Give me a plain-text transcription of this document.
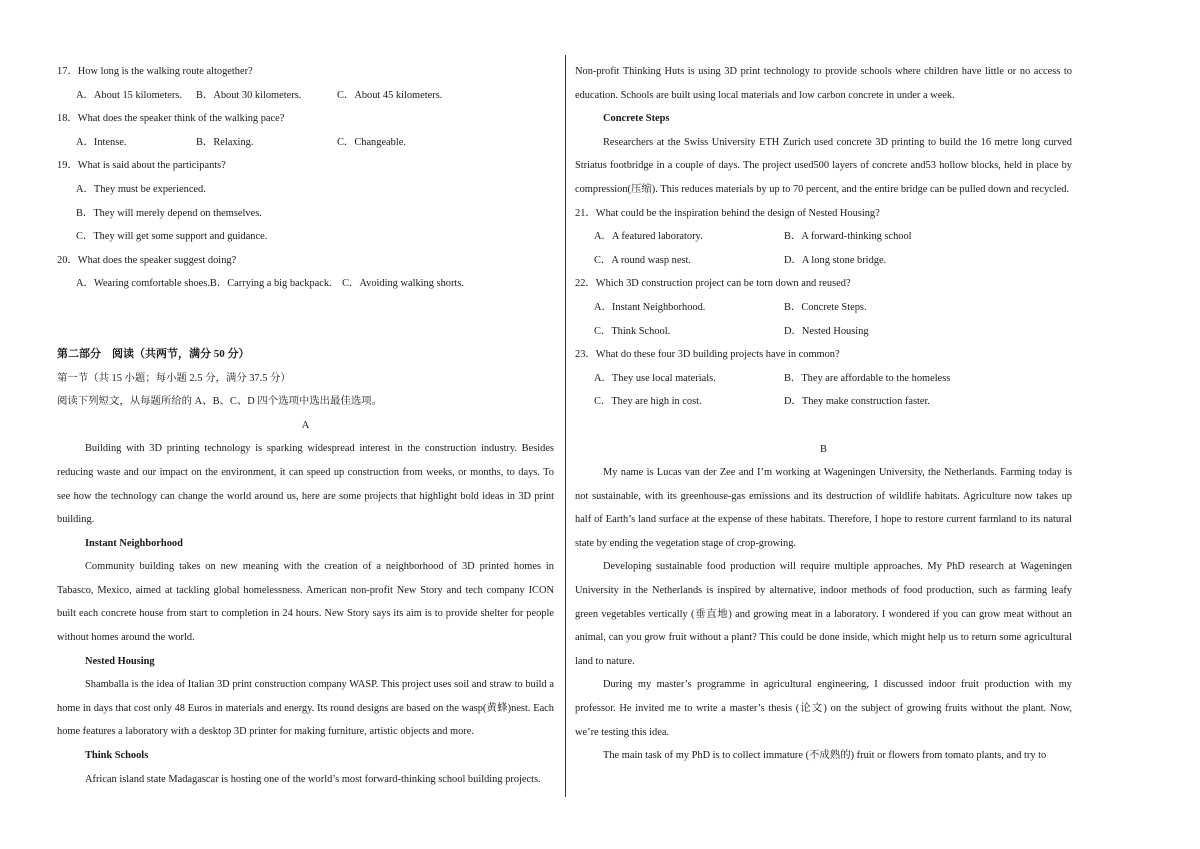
17．How long is the walking route altogether?

A．About 15 kilometers.	B．About 30 kilometers.	C．About 45 kilometers.

18．What does the speaker think of the walking pace?

A．Intense.	B．Relaxing.	C．Changeable.

19．What is said about the participants?

A．They must be experienced.

B．They will merely depend on themselves.

C．They will get some support and guidance.

20．What does the speaker suggest doing?

A．Wearing comfortable shoes.B．Carrying a big backpack.    C．Avoiding walking shorts.

第二部分　阅读（共两节，满分 50 分）

第一节（共 15 小题；每小题 2.5 分，满分 37.5 分）

阅读下列短文，从每题所给的 A、B、C、D 四个选项中选出最佳选项。

A

Building with 3D printing technology is sparking widespread interest in the construction industry. Besides reducing waste and our impact on the environment, it can speed up construction from weeks, or months, to days. To see how the technology can change the world around us, here are some projects that highlight bold ideas in 3D print building.

Instant Neighborhood

Community building takes on new meaning with the creation of a neighborhood of 3D printed homes in Tabasco, Mexico, aimed at tackling global homelessness. American non-profit New Story and tech company ICON built each concrete house from start to completion in 24 hours. New Story says its aim is to provide shelter for people without homes around the world.

Nested Housing

Shamballa is the idea of Italian 3D print construction company WASP. This project uses soil and straw to build a home in days that cost only 48 Euros in materials and energy. Its round designs are based on the wasp(黄蜂)nest. Each home features a laboratory with a desktop 3D printer for making furniture, artistic objects and more.

Think Schools

African island state Madagascar is hosting one of the world’s most forward-thinking school building projects.

Non-profit Thinking Huts is using 3D print technology to provide schools where children have little or no access to education. Schools are built using local materials and low carbon concrete in under a week.

Concrete Steps

Researchers at the Swiss University ETH Zurich used concrete 3D printing to build the 16 metre long curved Striatus footbridge in a couple of days. The project used500 layers of concrete and53 hollow blocks, held in place by compression(压缩). This reduces materials by up to 70 percent, and the entire bridge can be pulled down and recycled.

21．What could be the inspiration behind the design of Nested Housing?

A．A featured laboratory.	B．A forward-thinking school
C．A round wasp nest.	D．A long stone bridge.

22．Which 3D construction project can be torn down and reused?

A．Instant Neighborhood.	B．Concrete Steps.
C．Think School.	D．Nested Housing

23．What do these four 3D building projects have in common?

A．They use local materials.	B．They are affordable to the homeless
C．They are high in cost.	D．They make construction faster.

B

My name is Lucas van der Zee and I’m working at Wageningen University, the Netherlands. Farming today is not sustainable, with its greenhouse-gas emissions and its destruction of wildlife habitats. Agriculture now takes up half of Earth’s land surface at the expense of these habitats. Therefore, I hope to restore current farmland to its natural state by ending the vegetation stage of crop-growing.

Developing sustainable food production will require multiple approaches. My PhD research at Wageningen University in the Netherlands is inspired by alternative, indoor methods of food production, such as farming leafy green vegetables vertically (垂直地) and growing meat in a laboratory. I wondered if you can grow meat without an animal, can you grow fruit without a plant? This could be done inside, which might help us to return some agricultural land to nature.

During my master’s programme in agricultural engineering, I discussed indoor fruit production with my professor. He invited me to write a master’s thesis (论文) on the subject of growing fruits without the plant. Now, we’re testing this idea.

The main task of my PhD is to collect immature (不成熟的) fruit or flowers from tomato plants, and try to
